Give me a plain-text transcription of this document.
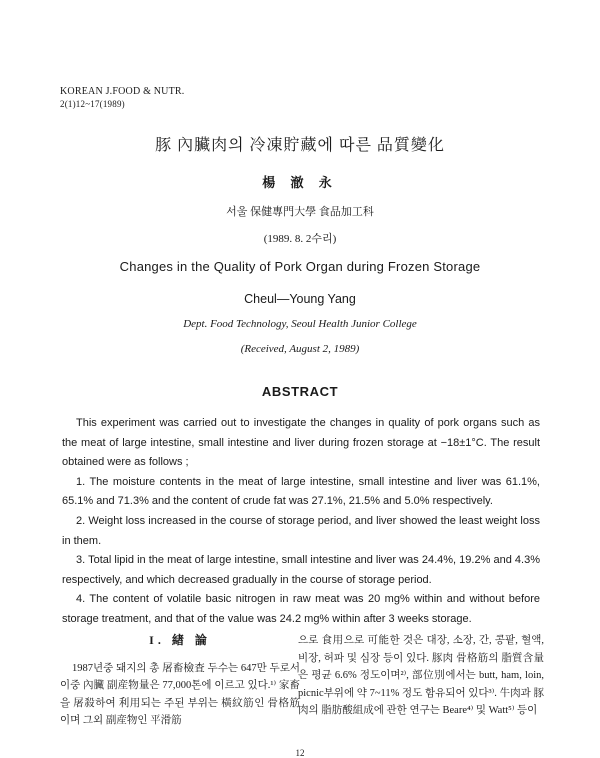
KOREAN J.FOOD & NUTR.
2(1)12~17(1989)
豚 內臟肉의 冷凍貯藏에 따른 品質變化
楊 澈 永
서울 保健專門大學 食品加工科
(1989. 8. 2수리)
Changes in the Quality of Pork Organ during Frozen Storage
Cheul—Young Yang
Dept. Food Technology, Seoul Health Junior College
(Received, August 2, 1989)
ABSTRACT

This experiment was carried out to investigate the changes in quality of pork organs such as the meat of large intestine, small intestine and liver during frozen storage at −18±1°C. The result obtained were as follows ;

1. The moisture contents in the meat of large intestine, small intestine and liver was 61.1%, 65.1% and 71.3% and the content of crude fat was 27.1%, 21.5% and 5.0% respectively.

2. Weight loss increased in the course of storage period, and liver showed the least weight loss in them.

3. Total lipid in the meat of large intestine, small intestine and liver was 24.4%, 19.2% and 4.3% respectively, and which decreased gradually in the course of storage period.

4. The content of volatile basic nitrogen in raw meat was 20 mg% within and without before storage treatment, and that of the value was 24.2 mg% within after 3 weeks storage.

I. 緖 論

1987년중 돼지의 총 屠畜檢査 두수는 647만 두로서 이중 內臟 副産物量은 77,000톤에 이르고 있다.¹⁾ 家畜을 屠殺하여 利用되는 주된 부위는 橫紋筋인 骨格筋이며 그외 副産物인 平滑筋

으로 食用으로 可能한 것은 대장, 소장, 간, 콩팥, 혈액, 비장, 허파 및 심장 등이 있다. 豚肉 骨格筋의 脂質含量은 평균 6.6% 정도이며²⁾, 部位別에서는 butt, ham, loin, picnic부위에 약 7~11% 정도 함유되어 있다³⁾. 牛肉과 豚肉의 脂肪酸組成에 관한 연구는 Beare⁴⁾ 및 Watt⁵⁾ 등이

12
